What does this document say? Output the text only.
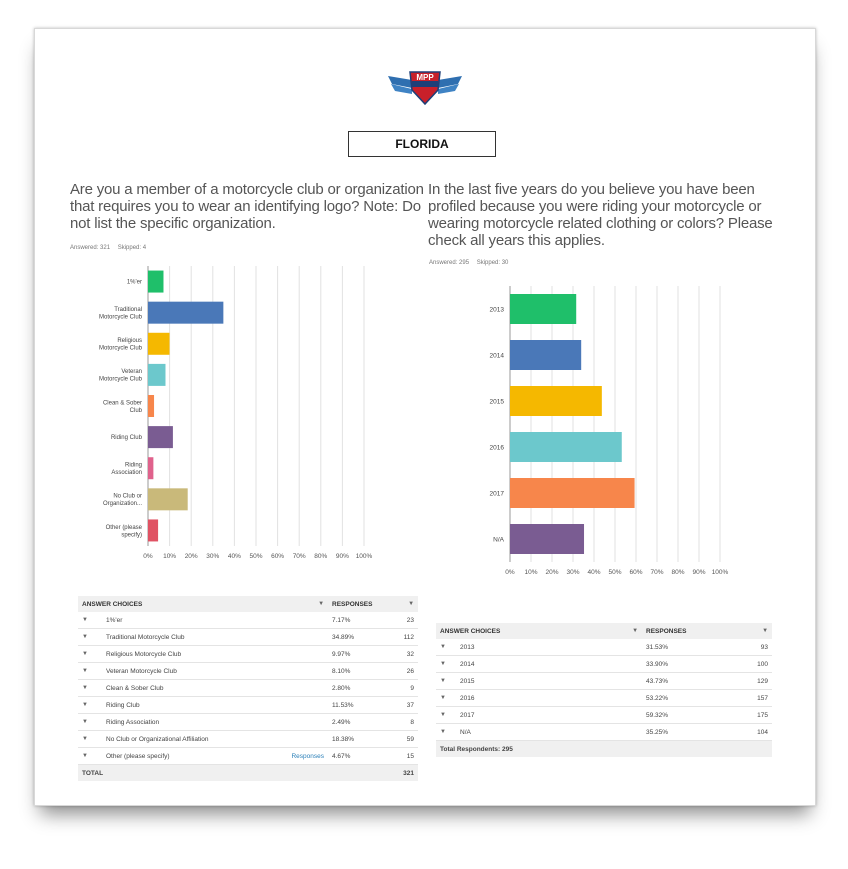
MPP
FLORIDA
Are you a member of a motorcycle club or organization that requires you to wear an identifying logo? Note: Do not list the specific organization.
Answered: 321 Skipped: 4
In the last five years do you believe you have been profiled because you were riding your motorcycle or wearing motorcycle related clothing or colors? Please check all years this applies.
Answered: 295 Skipped: 30
0% 10% 20% 30% 40% 50% 60% 70% 80% 90% 100%
1%'er
Traditional Motorcycle Club
Religious Motorcycle Club
Veteran Motorcycle Club
Clean & Sober Club
Riding Club
Riding Association
No Club or Organization...
Other (please specify)
0% 10% 20% 30% 40% 50% 60% 70% 80% 90% 100%
2013
2014
2015
2016
2017
N/A
ANSWER CHOICES ▼			RESPONSES ▼	

▼	1%'er		7.17%	23
▼	Traditional Motorcycle Club		34.89%	112
▼	Religious Motorcycle Club		9.97%	32
▼	Veteran Motorcycle Club		8.10%	26
▼	Clean & Sober Club		2.80%	9
▼	Riding Club		11.53%	37
▼	Riding Association		2.49%	8
▼	No Club or Organizational Affiliation		18.38%	59
▼	Other (please specify)	Responses	4.67%	15
TOTAL				321
ANSWER CHOICES ▼		RESPONSES ▼	

▼	2013	31.53%	93
▼	2014	33.90%	100
▼	2015	43.73%	129
▼	2016	53.22%	157
▼	2017	59.32%	175
▼	N/A	35.25%	104
Total Respondents: 295			
